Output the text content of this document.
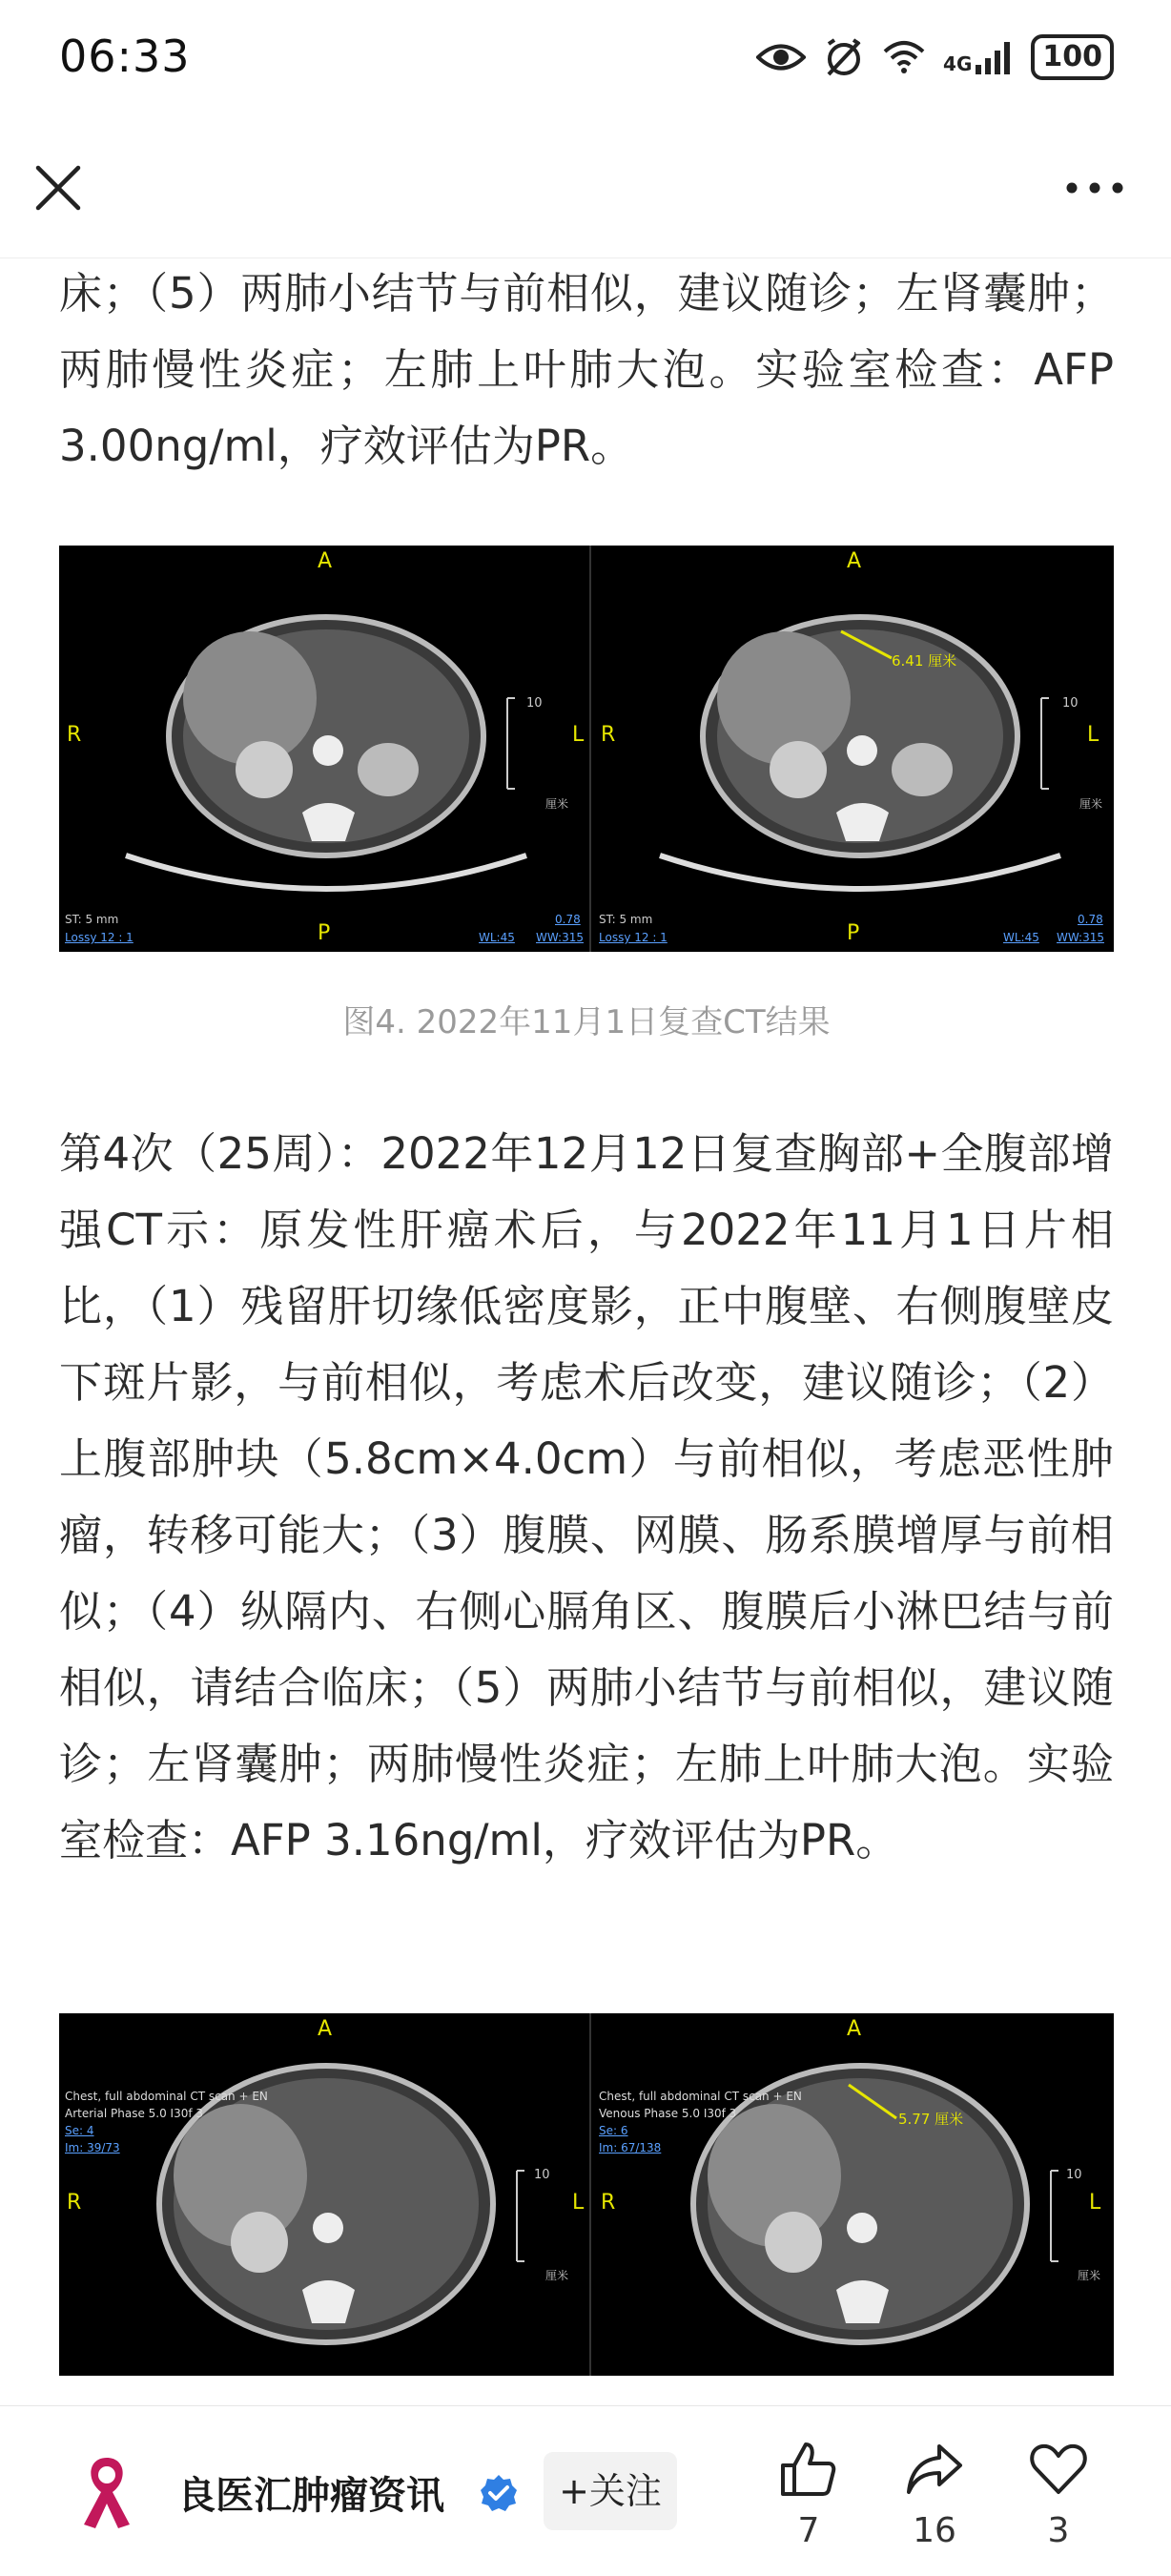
06:33	4G	100

床；（5）两肺小结节与前相似，建议随诊；左肾囊肿；两肺慢性炎症；左肺上叶肺大泡。实验室检查：AFP 3.00ng/ml，疗效评估为PR。

A
P
R	L
10
厘米
ST: 5 mm
Lossy 12 : 1
0.78
WL:45 WW:315
A
P
R	L
10
厘米
6.41 厘米
ST: 5 mm
Lossy 12 : 1
0.78
WL:45 WW:315
图4. 2022年11月1日复查CT结果

第4次（25周）：2022年12月12日复查胸部+全腹部增强CT示：原发性肝癌术后，与2022年11月1日片相比，（1）残留肝切缘低密度影，正中腹壁、右侧腹壁皮下斑片影，与前相似，考虑术后改变，建议随诊；（2）上腹部肿块（5.8cm×4.0cm）与前相似，考虑恶性肿瘤，转移可能大；（3）腹膜、网膜、肠系膜增厚与前相似；（4）纵隔内、右侧心膈角区、腹膜后小淋巴结与前相似，请结合临床；（5）两肺小结节与前相似，建议随诊；左肾囊肿；两肺慢性炎症；左肺上叶肺大泡。实验室检查：AFP 3.16ng/ml，疗效评估为PR。

A
R	L
10
厘米
Chest, full abdominal CT scan + EN
Arterial Phase 5.0 I30f 3
Se: 4
Im: 39/73
A
R	L
10
厘米
Chest, full abdominal CT scan + EN
Venous Phase 5.0 I30f 3
Se: 6
Im: 67/138
5.77 厘米
良医汇肿瘤资讯	+关注
7	16	3
